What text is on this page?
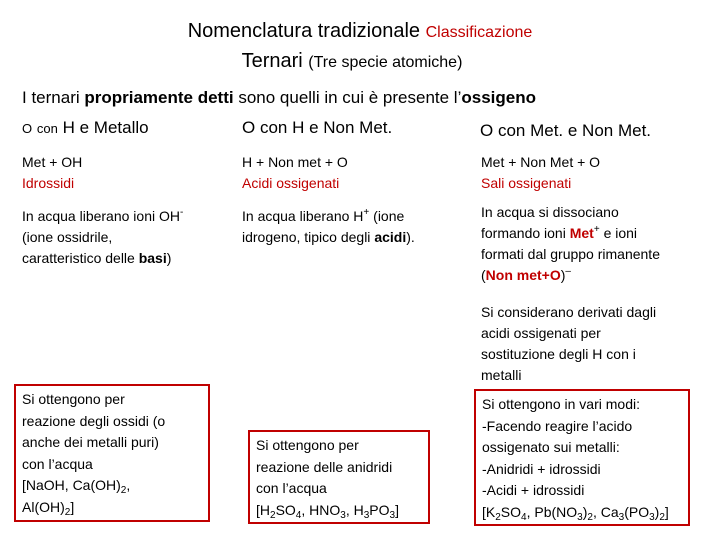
Nomenclatura tradizionale Classificazione
Ternari (Tre specie atomiche)
I ternari propriamente detti sono quelli in cui è presente l’ossigeno
O con H e Metallo	O con H e Non Met.	O con Met. e Non Met.
Met + OH
Idrossidi
In acqua liberano ioni OH-
(ione ossidrile,
caratteristico delle basi)
Si ottengono per
reazione degli ossidi (o
anche dei metalli puri)
con l’acqua
[NaOH, $Ca(OH)_2$,
$Al(OH)_2$]
H + Non met + O
Acidi ossigenati
In acqua liberano H+ (ione
idrogeno, tipico degli acidi).
Si ottengono per
reazione delle anidridi
con l’acqua
[$H_2SO_4$, $HNO_3$, $H_3PO_3$]
Met + Non Met + O
Sali ossigenati
In acqua si dissociano
formando ioni Met+ e ioni
formati dal gruppo rimanente
(Non met+O)–
Si considerano derivati dagli
acidi ossigenati per
sostituzione degli H con i
metalli
Si ottengono in vari modi:
-Facendo reagire l’acido
ossigenato sui metalli:
-Anidridi + idrossidi
-Acidi + idrossidi
[$K_2SO_4$, $Pb(NO_3)_2$, $Ca_3(PO_3)_2$]
